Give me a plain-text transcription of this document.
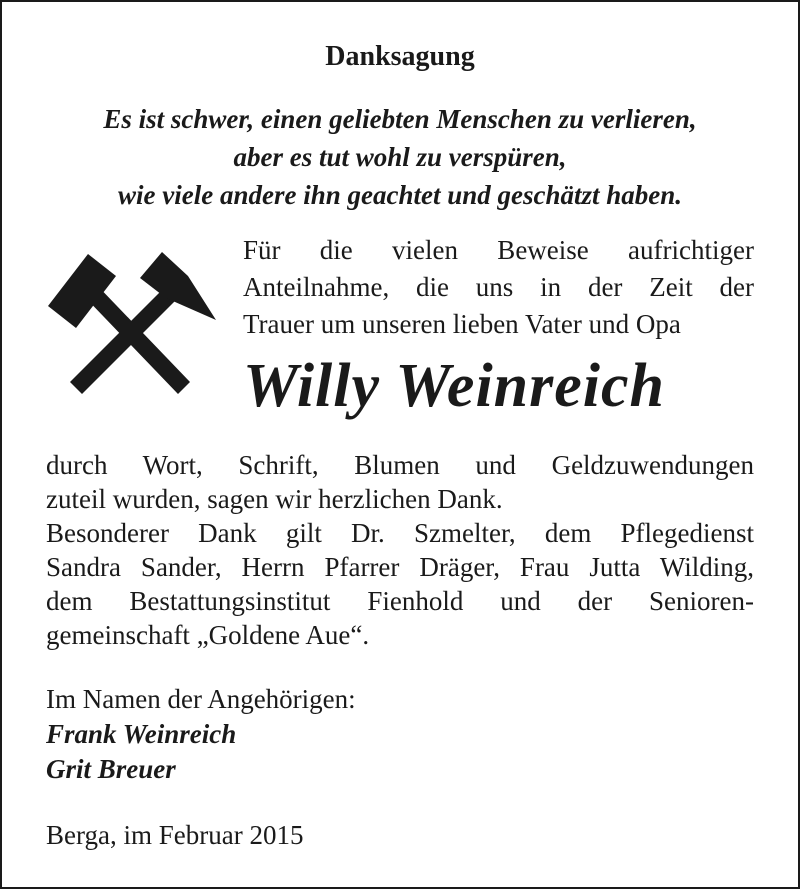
Danksagung
Es ist schwer, einen geliebten Menschen zu verlieren,
aber es tut wohl zu verspüren,
wie viele andere ihn geachtet und geschätzt haben.
Für die vielen Beweise aufrichtiger
Anteilnahme, die uns in der Zeit der
Trauer um unseren lieben Vater und Opa
Willy Weinreich
durch Wort, Schrift, Blumen und Geldzuwendungen
zuteil wurden, sagen wir herzlichen Dank.
Besonderer Dank gilt Dr. Szmelter, dem Pflegedienst
Sandra Sander, Herrn Pfarrer Dräger, Frau Jutta Wilding,
dem Bestattungsinstitut Fienhold und der Senioren-
gemeinschaft „Goldene Aue“.
Im Namen der Angehörigen:
Frank Weinreich
Grit Breuer
Berga, im Februar 2015
